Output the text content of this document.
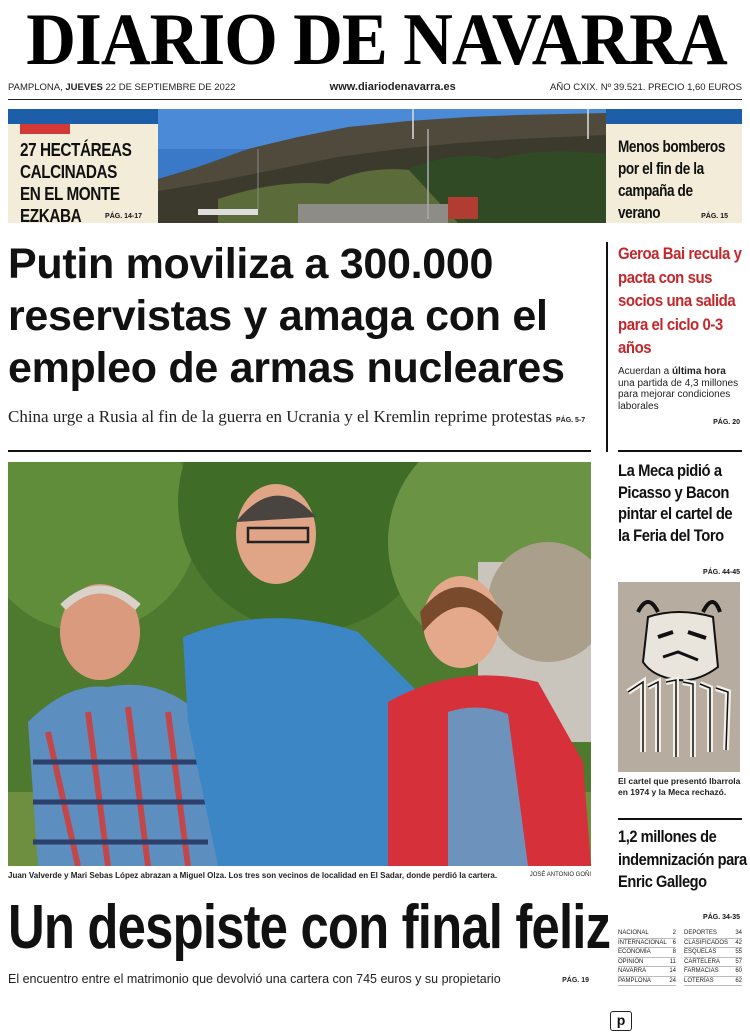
DIARIO DE NAVARRA
PAMPLONA, JUEVES 22 DE SEPTIEMBRE DE 2022	www.diariodenavarra.es	AÑO CXIX. Nº 39.521. PRECIO 1,60 EUROS
27 HECTÁREAS CALCINADAS EN EL MONTE EZKABA	PÁG. 14-17
Menos bomberos por el fin de la campaña de verano	PÁG. 15
Putin moviliza a 300.000 reservistas y amaga con el empleo de armas nucleares
China urge a Rusia al fin de la guerra en Ucrania y el Kremlin reprime protestas PÁG. 5-7
Juan Valverde y Mari Sebas López abrazan a Miguel Olza. Los tres son vecinos de localidad en El Sadar, donde perdió la cartera.	JOSÉ ANTONIO GOÑI
Un despiste con final feliz
El encuentro entre el matrimonio que devolvió una cartera con 745 euros y su propietario	PÁG. 19
Geroa Bai recula y pacta con sus socios una salida para el ciclo 0-3 años
Acuerdan a última hora una partida de 4,3 millones para mejorar condiciones laborales
PÁG. 20
La Meca pidió a Picasso y Bacon pintar el cartel de la Feria del Toro
PÁG. 44-45
El cartel que presentó Ibarrola en 1974 y la Meca rechazó.
1,2 millones de indemnización para Enric Gallego
PÁG. 34-35
NACIONAL	2
INTERNACIONAL 6
ECONOMÍA	8
OPINIÓN	11
NAVARRA	14
PAMPLONA	24
DEPORTES	34
CLASIFICADOS 42
ESQUELAS	55
CARTELERA	57
FARMACIAS	60
LOTERÍAS	62
p
